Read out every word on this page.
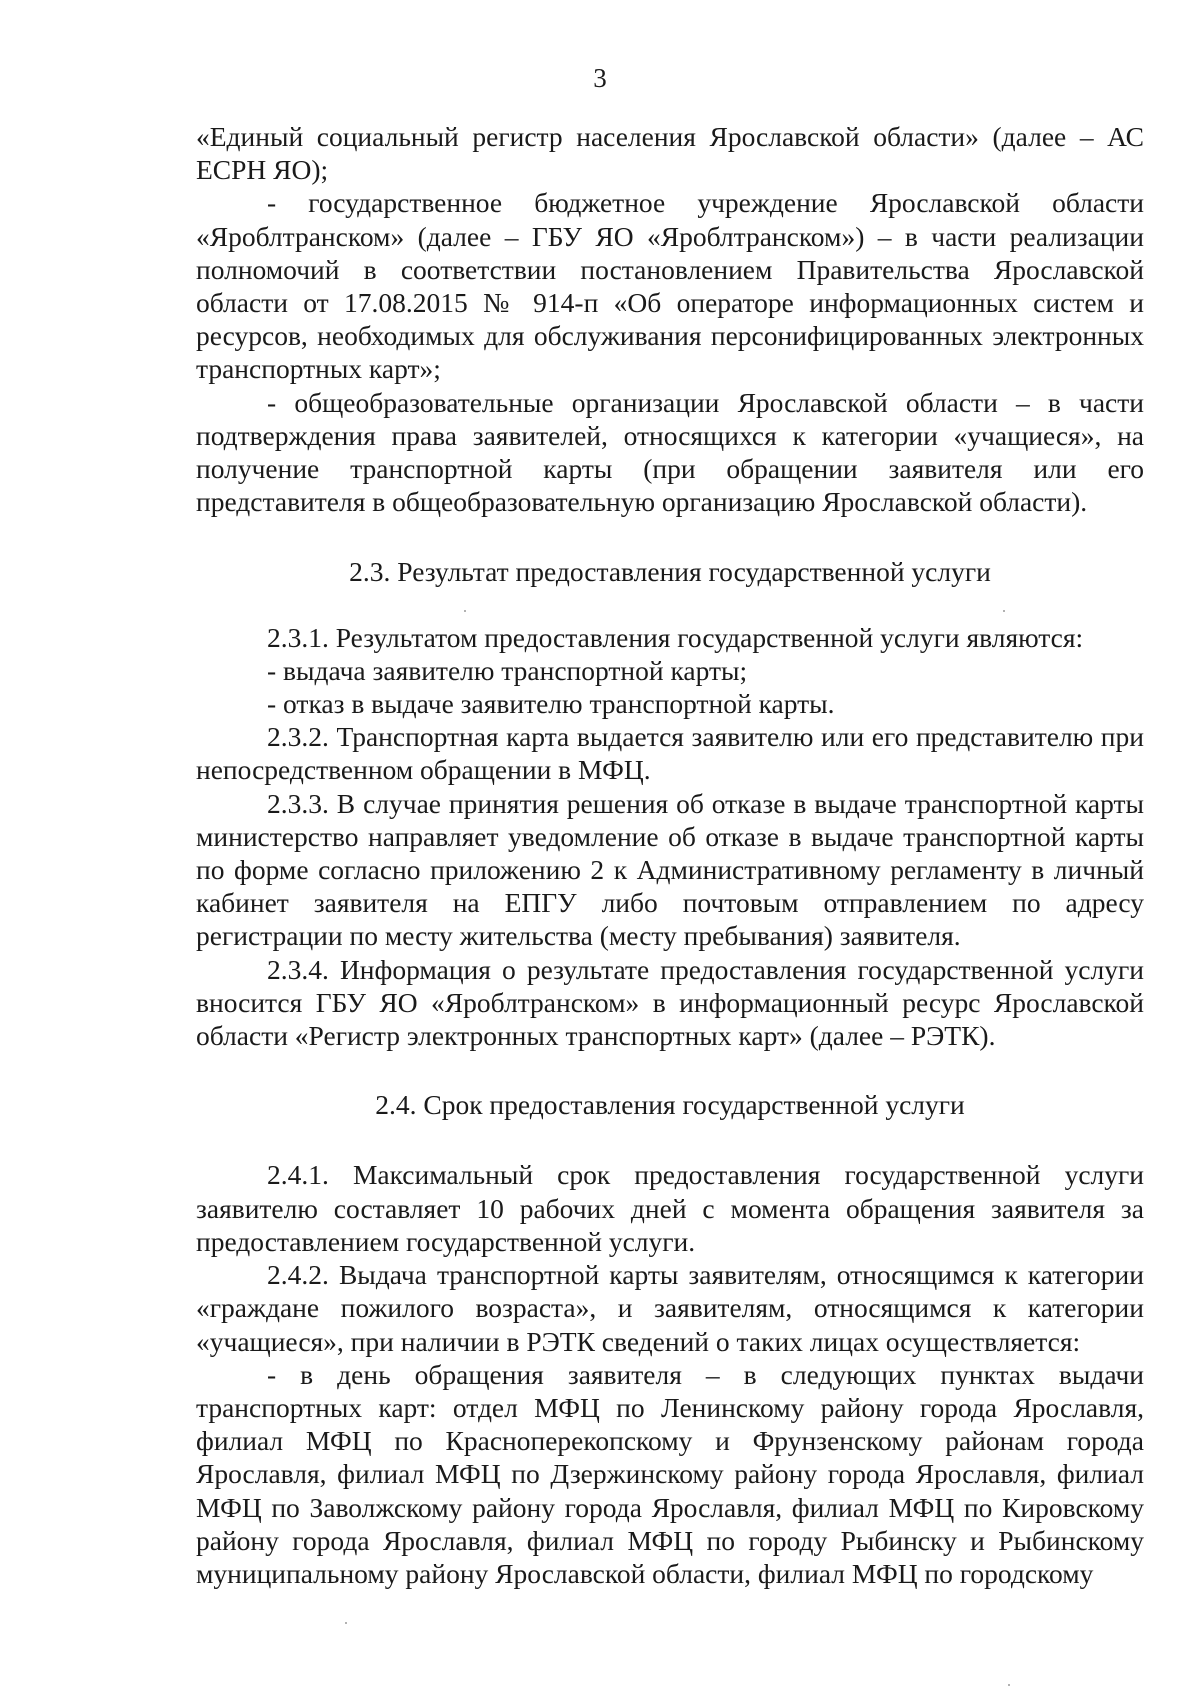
3

«Единый социальный регистр населения Ярославской области» (далее – АС ЕСРН ЯО);

- государственное бюджетное учреждение Ярославской области «Яроблтранском» (далее – ГБУ ЯО «Яроблтранском») – в части реализации полномочий в соответствии постановлением Правительства Ярославской области от 17.08.2015 № 914-п «Об операторе информационных систем и ресурсов, необходимых для обслуживания персонифицированных электронных транспортных карт»;

- общеобразовательные организации Ярославской области – в части подтверждения права заявителей, относящихся к категории «учащиеся», на получение транспортной карты (при обращении заявителя или его представителя в общеобразовательную организацию Ярославской области).

2.3. Результат предоставления государственной услуги

2.3.1. Результатом предоставления государственной услуги являются:

- выдача заявителю транспортной карты;

- отказ в выдаче заявителю транспортной карты.

2.3.2. Транспортная карта выдается заявителю или его представителю при непосредственном обращении в МФЦ.

2.3.3. В случае принятия решения об отказе в выдаче транспортной карты министерство направляет уведомление об отказе в выдаче транспортной карты по форме согласно приложению 2 к Административному регламенту в личный кабинет заявителя на ЕПГУ либо почтовым отправлением по адресу регистрации по месту жительства (месту пребывания) заявителя.

2.3.4. Информация о результате предоставления государственной услуги вносится ГБУ ЯО «Яроблтранском» в информационный ресурс Ярославской области «Регистр электронных транспортных карт» (далее – РЭТК).

2.4. Срок предоставления государственной услуги

2.4.1. Максимальный срок предоставления государственной услуги заявителю составляет 10 рабочих дней с момента обращения заявителя за предоставлением государственной услуги.

2.4.2. Выдача транспортной карты заявителям, относящимся к категории «граждане пожилого возраста», и заявителям, относящимся к категории «учащиеся», при наличии в РЭТК сведений о таких лицах осуществляется:

- в день обращения заявителя – в следующих пунктах выдачи транспортных карт: отдел МФЦ по Ленинскому району города Ярославля, филиал МФЦ по Красноперекопскому и Фрунзенскому районам города Ярославля, филиал МФЦ по Дзержинскому району города Ярославля, филиал МФЦ по Заволжскому району города Ярославля, филиал МФЦ по Кировскому району города Ярославля, филиал МФЦ по городу Рыбинску и Рыбинскому муниципальному району Ярославской области, филиал МФЦ по городскому
